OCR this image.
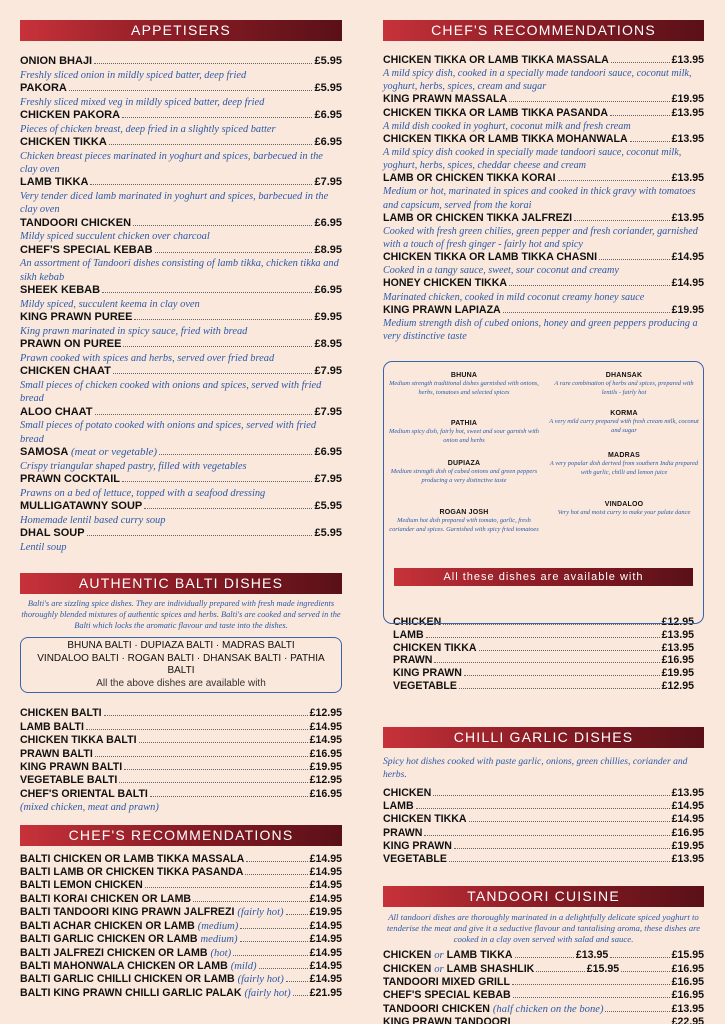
APPETISERS
ONION BHAJI	£5.95
Freshly sliced onion in mildly spiced batter, deep fried
PAKORA	£5.95
Freshly sliced mixed veg in mildly spiced batter, deep fried
CHICKEN PAKORA	£6.95
Pieces of chicken breast, deep fried in a slightly spiced batter
CHICKEN TIKKA	£6.95
Chicken breast pieces marinated in yoghurt and spices, barbecued in the clay oven
LAMB TIKKA	£7.95
Very tender diced lamb marinated in yoghurt and spices, barbecued in the clay oven
TANDOORI CHICKEN	£6.95
Mildy spiced succulent chicken over charcoal
CHEF'S SPECIAL KEBAB	£8.95
An assortment of Tandoori dishes consisting of lamb tikka, chicken tikka and sikh kebab
SHEEK KEBAB	£6.95
Mildy spiced, succulent keema in clay oven
KING PRAWN PUREE	£9.95
King prawn marinated in spicy sauce, fried with bread
PRAWN ON PUREE	£8.95
Prawn cooked with spices and herbs, served over fried bread
CHICKEN CHAAT	£7.95
Small pieces of chicken cooked with onions and spices, served with fried bread
ALOO CHAAT	£7.95
Small pieces of potato cooked with onions and spices, served with fried bread
SAMOSA (meat or vegetable)	£6.95
Crispy triangular shaped pastry, filled with vegetables
PRAWN COCKTAIL	£7.95
Prawns on a bed of lettuce, topped with a seafood dressing
MULLIGATAWNY SOUP	£5.95
Homemade lentil based curry soup
DHAL SOUP	£5.95
Lentil soup
AUTHENTIC BALTI DISHES
Balti's are sizzling spice dishes. They are individually prepared with fresh made ingredients thoroughly blended mixtures of authentic spices and herbs. Balti's are cooked and served in the Balti which locks the aromatic flavour and taste into the dishes.
BHUNA BALTI · DUPIAZA BALTI · MADRAS BALTI
VINDALOO BALTI · ROGAN BALTI · DHANSAK BALTI · PATHIA BALTI
All the above dishes are available with
CHICKEN BALTI	£12.95
LAMB BALTI	£14.95
CHICKEN TIKKA BALTI	£14.95
PRAWN BALTI	£16.95
KING PRAWN BALTI	£19.95
VEGETABLE BALTI	£12.95
CHEF'S ORIENTAL BALTI	£16.95
(mixed chicken, meat and prawn)
CHEF'S RECOMMENDATIONS
BALTI CHICKEN OR LAMB TIKKA MASSALA	£14.95
BALTI LAMB OR CHICKEN TIKKA PASANDA	£14.95
BALTI LEMON CHICKEN	£14.95
BALTI KORAI CHICKEN OR LAMB	£14.95
BALTI TANDOORI KING PRAWN JALFREZI (fairly hot) £19.95
BALTI ACHAR CHICKEN OR LAMB (medium)	£14.95
BALTI GARLIC CHICKEN OR LAMB medium)	£14.95
BALTI JALFREZI CHICKEN OR LAMB (hot)	£14.95
BALTI MAHONWALA CHICKEN OR LAMB (mild)	£14.95
BALTI GARLIC CHILLI CHICKEN OR LAMB (fairly hot) £14.95
BALTI KING PRAWN CHILLI GARLIC PALAK (fairly hot) £21.95
CHEF'S RECOMMENDATIONS
CHICKEN TIKKA OR LAMB TIKKA MASSALA	£13.95
A mild spicy dish, cooked in a specially made tandoori sauce, coconut milk, yoghurt, herbs, spices, cream and sugar
KING PRAWN MASSALA	£19.95
CHICKEN TIKKA OR LAMB TIKKA PASANDA	£13.95
A mild dish cooked in yoghurt, coconut milk and fresh cream
CHICKEN TIKKA OR LAMB TIKKA MOHANWALA	£13.95
A mild spicy dish cooked in specially made tandoori sauce, coconut milk, yoghurt, herbs, spices, cheddar cheese and cream
LAMB OR CHICKEN TIKKA KORAI	£13.95
Medium or hot, marinated in spices and cooked in thick gravy with tomatoes and capsicum, served from the korai
LAMB OR CHICKEN TIKKA JALFREZI	£13.95
Cooked with fresh green chilies, green pepper and fresh coriander, garnished with a touch of fresh ginger - fairly hot and spicy
CHICKEN TIKKA OR LAMB TIKKA CHASNI	£14.95
Cooked in a tangy sauce, sweet, sour coconut and creamy
HONEY CHICKEN TIKKA	£14.95
Marinated chicken, cooked in mild coconut creamy honey sauce
KING PRAWN LAPIAZA	£19.95
Medium strength dish of cubed onions, honey and green peppers producing a very distinctive taste
BHUNA
Medium strength traditional dishes garnished with onions, herbs, tomatoes and selected spices
DHANSAK
A rare combination of herbs and spices, prepared with lentils - fairly hot
PATHIA
Medium spicy dish, fairly hot, sweet and sour garnish with onion and herbs
KORMA
A very mild curry prepared with fresh cream milk, coconut and sugar
DUPIAZA
Medium strength dish of cubed onions and green peppers producing a very distinctive taste
MADRAS
A very popular dish derived from southern India prepared with garlic, chilli and lemon juice
ROGAN JOSH
Medium hot dish prepared with tomato, garlic, fresh coriander and spices. Garnished with spicy fried tomatoes
VINDALOO
Very hot and moist curry to make your palate dance
All these dishes are available with
CHICKEN	£12.95
LAMB	£13.95
CHICKEN TIKKA	£13.95
PRAWN	£16.95
KING PRAWN	£19.95
VEGETABLE	£12.95
CHILLI GARLIC DISHES
Spicy hot dishes cooked with paste garlic, onions, green chillies, coriander and herbs.
CHICKEN	£13.95
LAMB	£14.95
CHICKEN TIKKA	£14.95
PRAWN	£16.95
KING PRAWN	£19.95
VEGETABLE	£13.95
TANDOORI CUISINE
All tandoori dishes are thoroughly marinated in a delightfully delicate spiced yoghurt to tenderise the meat and give it a seductive flavour and tantalising aroma, these dishes are cooked in a clay oven served with salad and sauce.
CHICKEN or LAMB TIKKA	£13.95	£15.95
CHICKEN or LAMB SHASHLIK	£15.95	£16.95
TANDOORI MIXED GRILL	£16.95
CHEF'S SPECIAL KEBAB	£16.95
TANDOORI CHICKEN (half chicken on the bone)	£13.95
KING PRAWN TANDOORI	£22.95
